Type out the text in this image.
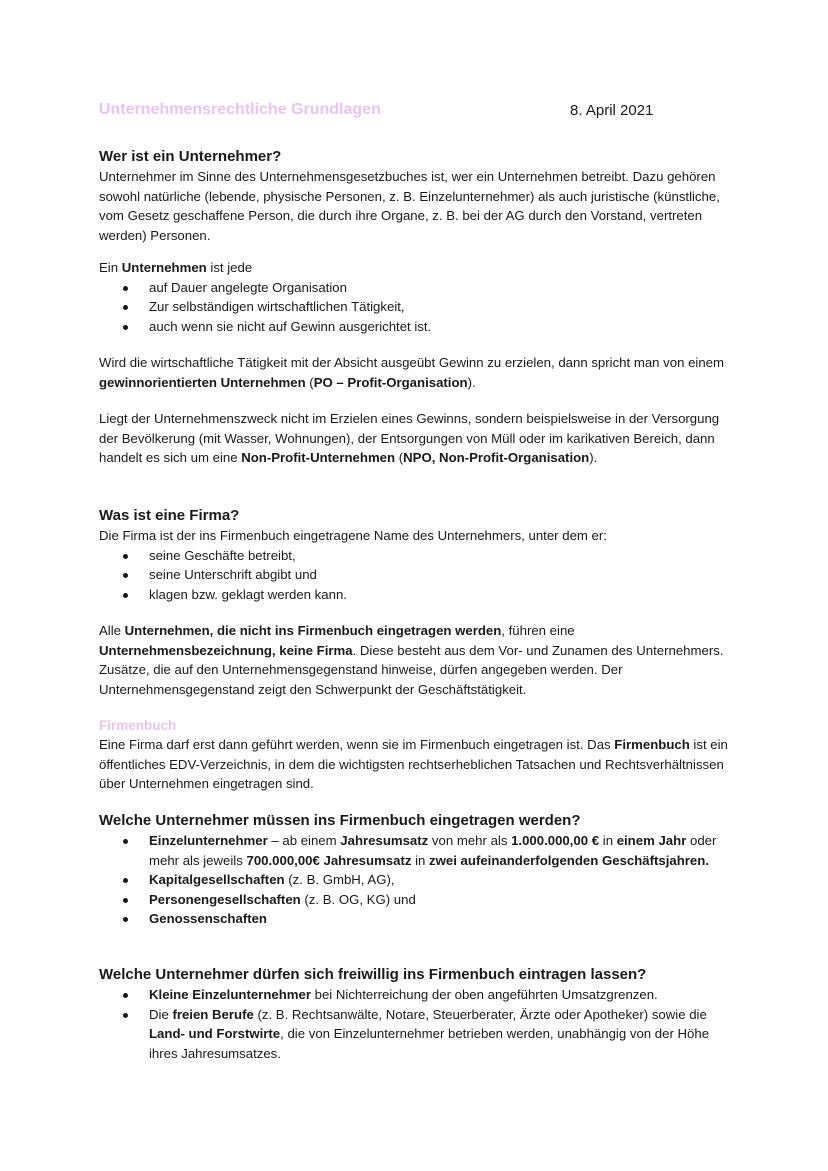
Unternehmensrechtliche Grundlagen	8. April 2021

Wer ist ein Unternehmer?

Unternehmer im Sinne des Unternehmensgesetzbuches ist, wer ein Unternehmen betreibt. Dazu gehören sowohl natürliche (lebende, physische Personen, z. B. Einzelunternehmer) als auch juristische (künstliche, vom Gesetz geschaffene Person, die durch ihre Organe, z. B. bei der AG durch den Vorstand, vertreten werden) Personen.

Ein Unternehmen ist jede

auf Dauer angelegte Organisation
Zur selbständigen wirtschaftlichen Tätigkeit,
auch wenn sie nicht auf Gewinn ausgerichtet ist.

Wird die wirtschaftliche Tätigkeit mit der Absicht ausgeübt Gewinn zu erzielen, dann spricht man von einem gewinnorientierten Unternehmen (PO – Profit-Organisation).

Liegt der Unternehmenszweck nicht im Erzielen eines Gewinns, sondern beispielsweise in der Versorgung der Bevölkerung (mit Wasser, Wohnungen), der Entsorgungen von Müll oder im karikativen Bereich, dann handelt es sich um eine Non-Profit-Unternehmen (NPO, Non-Profit-Organisation).

Was ist eine Firma?

Die Firma ist der ins Firmenbuch eingetragene Name des Unternehmers, unter dem er:

seine Geschäfte betreibt,
seine Unterschrift abgibt und
klagen bzw. geklagt werden kann.

Alle Unternehmen, die nicht ins Firmenbuch eingetragen werden, führen eine Unternehmensbezeichnung, keine Firma. Diese besteht aus dem Vor- und Zunamen des Unternehmers. Zusätze, die auf den Unternehmensgegenstand hinweise, dürfen angegeben werden. Der Unternehmensgegenstand zeigt den Schwerpunkt der Geschäftstätigkeit.

Firmenbuch

Eine Firma darf erst dann geführt werden, wenn sie im Firmenbuch eingetragen ist. Das Firmenbuch ist ein öffentliches EDV-Verzeichnis, in dem die wichtigsten rechtserheblichen Tatsachen und Rechtsverhältnissen über Unternehmen eingetragen sind.

Welche Unternehmer müssen ins Firmenbuch eingetragen werden?

Einzelunternehmer – ab einem Jahresumsatz von mehr als 1.000.000,00 € in einem Jahr oder mehr als jeweils 700.000,00€ Jahresumsatz in zwei aufeinanderfolgenden Geschäftsjahren.
Kapitalgesellschaften (z. B. GmbH, AG),
Personengesellschaften (z. B. OG, KG) und
Genossenschaften

Welche Unternehmer dürfen sich freiwillig ins Firmenbuch eintragen lassen?

Kleine Einzelunternehmer bei Nichterreichung der oben angeführten Umsatzgrenzen.
Die freien Berufe (z. B. Rechtsanwälte, Notare, Steuerberater, Ärzte oder Apotheker) sowie die Land- und Forstwirte, die von Einzelunternehmer betrieben werden, unabhängig von der Höhe ihres Jahresumsatzes.
